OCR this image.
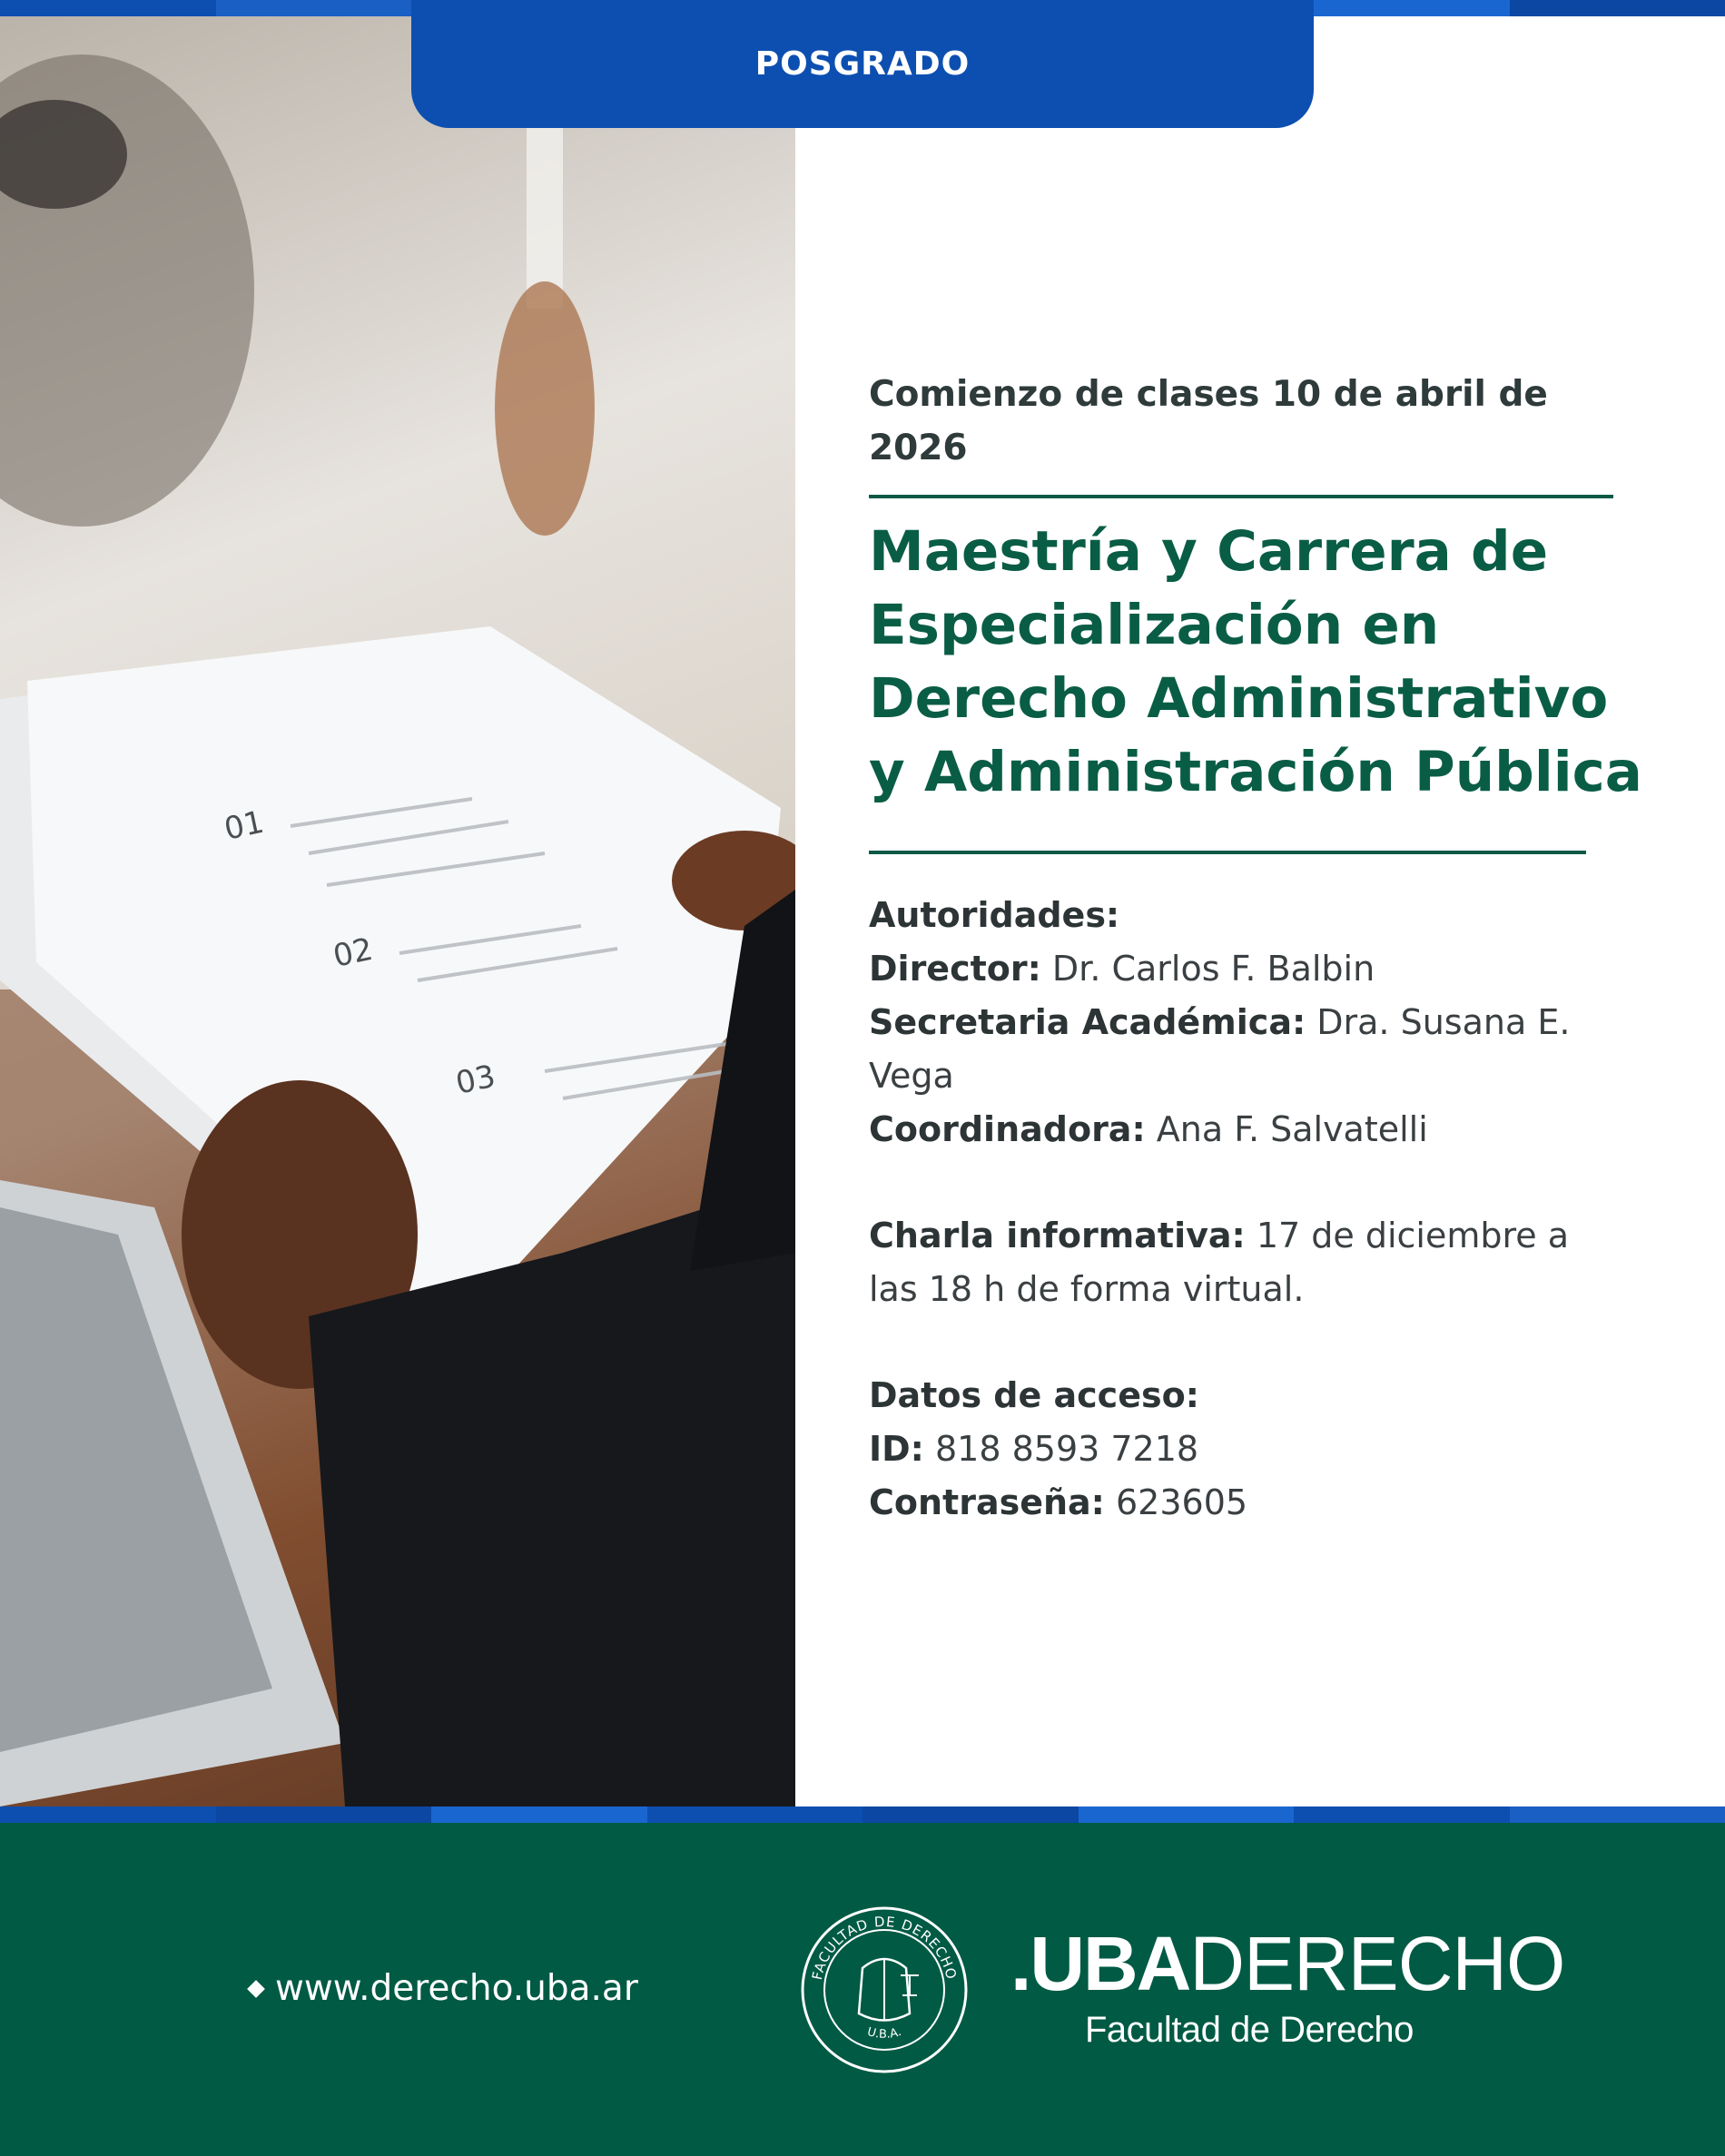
01
02
03
POSGRADO
Comienzo de clases 10 de abril de 2026
Maestría y Carrera de Especialización en Derecho Administrativo y Administración Pública
Autoridades:
Director: Dr. Carlos F. Balbin
Secretaria Académica: Dra. Susana E. Vega
Coordinadora: Ana F. Salvatelli
Charla informativa: 17 de diciembre a las 18 h de forma virtual.
Datos de acceso:
ID: 818 8593 7218
Contraseña: 623605
www.derecho.uba.ar	FACULTAD DE DERECHO
U.B.A.
.UBADERECHO
Facultad de Derecho
